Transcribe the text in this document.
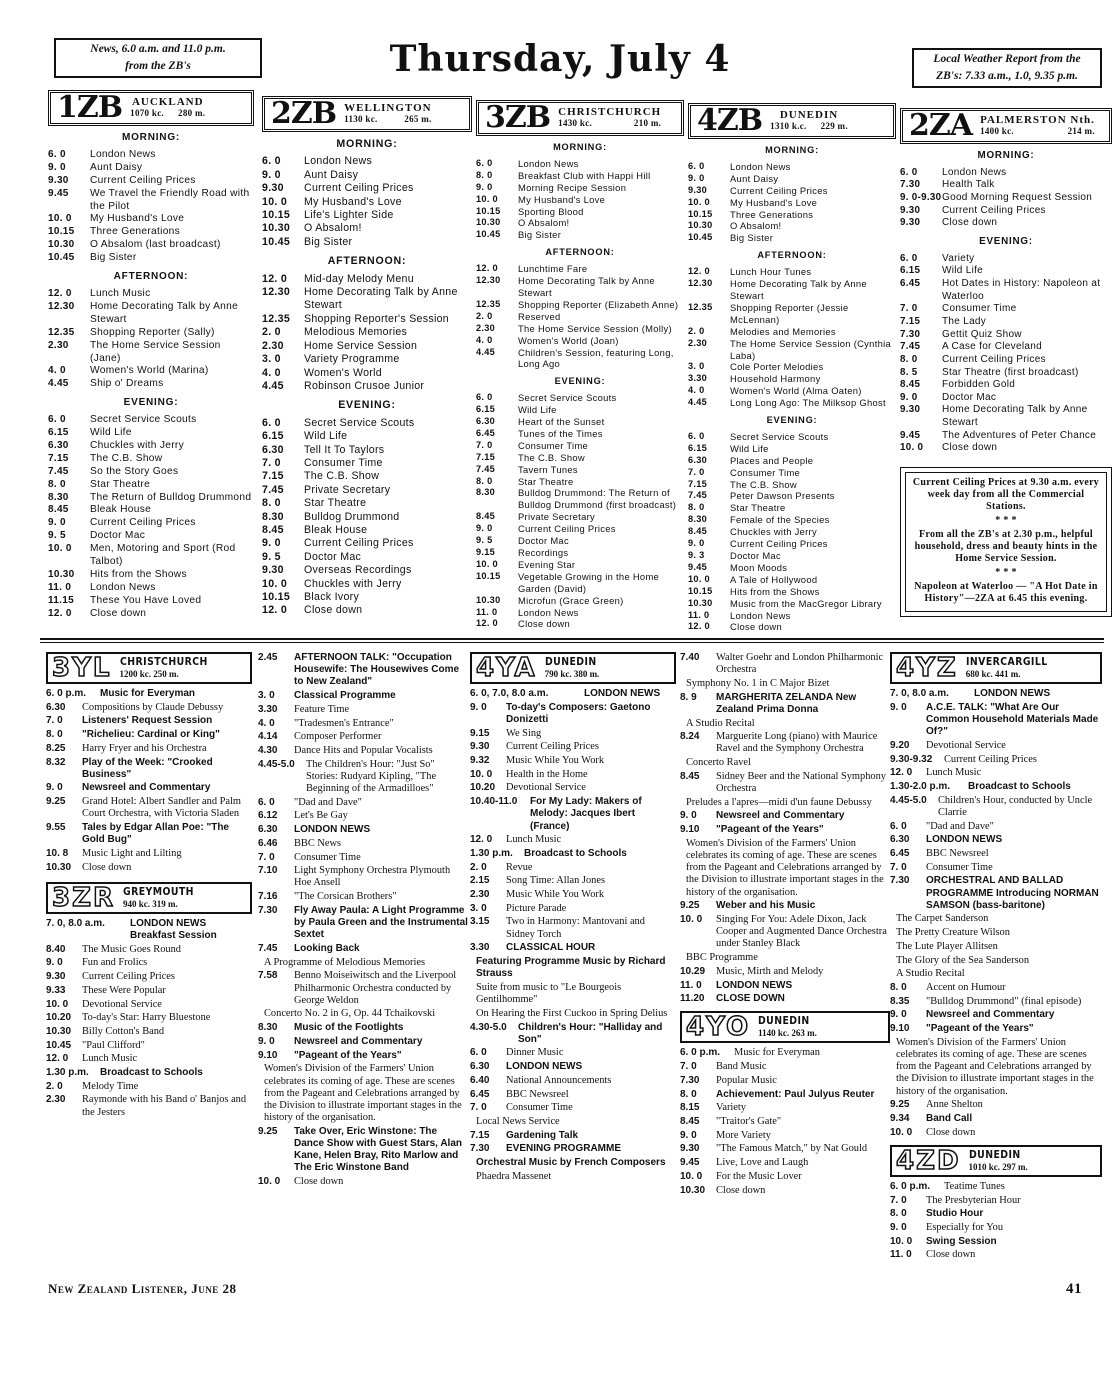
News, 6.0 a.m. and 11.0 p.m.
from the ZB's	Thursday, July 4	Local Weather Report from the
ZB's: 7.33 a.m., 1.0, 9.35 p.m.
1ZB AUCKLAND
1070 kc. 280 m.
MORNING:
6. 0	London News
9. 0	Aunt Daisy
9.30	Current Ceiling Prices
9.45	We Travel the Friendly Road with the Pilot
10. 0	My Husband's Love
10.15	Three Generations
10.30	O Absalom (last broadcast)
10.45	Big Sister
AFTERNOON:
12. 0	Lunch Music
12.30	Home Decorating Talk by Anne Stewart
12.35	Shopping Reporter (Sally)
2.30	The Home Service Session (Jane)
4. 0	Women's World (Marina)
4.45	Ship o' Dreams
EVENING:
6. 0	Secret Service Scouts
6.15	Wild Life
6.30	Chuckles with Jerry
7.15	The C.B. Show
7.45	So the Story Goes
8. 0	Star Theatre
8.30	The Return of Bulldog Drummond
8.45	Bleak House
9. 0	Current Ceiling Prices
9. 5	Doctor Mac
10. 0	Men, Motoring and Sport (Rod Talbot)
10.30	Hits from the Shows
11. 0	London News
11.15	These You Have Loved
12. 0	Close down
2ZB WELLINGTON
1130 kc.	265 m.
MORNING:
6. 0	London News
9. 0	Aunt Daisy
9.30	Current Ceiling Prices
10. 0	My Husband's Love
10.15	Life's Lighter Side
10.30	O Absalom!
10.45	Big Sister
AFTERNOON:
12. 0	Mid-day Melody Menu
12.30	Home Decorating Talk by Anne Stewart
12.35	Shopping Reporter's Session
2. 0	Melodious Memories
2.30	Home Service Session
3. 0	Variety Programme
4. 0	Women's World
4.45	Robinson Crusoe Junior
EVENING:
6. 0	Secret Service Scouts
6.15	Wild Life
6.30	Tell It To Taylors
7. 0	Consumer Time
7.15	The C.B. Show
7.45	Private Secretary
8. 0	Star Theatre
8.30	Bulldog Drummond
8.45	Bleak House
9. 0	Current Ceiling Prices
9. 5	Doctor Mac
9.30	Overseas Recordings
10. 0	Chuckles with Jerry
10.15	Black Ivory
12. 0	Close down
3ZB CHRISTCHURCH
1430 kc.	210 m.
MORNING:
6. 0	London News
8. 0	Breakfast Club with Happi Hill
9. 0	Morning Recipe Session
10. 0	My Husband's Love
10.15	Sporting Blood
10.30	O Absalom!
10.45	Big Sister
AFTERNOON:
12. 0	Lunchtime Fare
12.30	Home Decorating Talk by Anne Stewart
12.35	Shopping Reporter (Elizabeth Anne)
2. 0	Reserved
2.30	The Home Service Session (Molly)
4. 0	Women's World (Joan)
4.45	Children's Session, featuring Long, Long Ago
EVENING:
6. 0	Secret Service Scouts
6.15	Wild Life
6.30	Heart of the Sunset
6.45	Tunes of the Times
7. 0	Consumer Time
7.15	The C.B. Show
7.45	Tavern Tunes
8. 0	Star Theatre
8.30	Bulldog Drummond: The Return of Bulldog Drummond (first broadcast)
8.45	Private Secretary
9. 0	Current Ceiling Prices
9. 5	Doctor Mac
9.15	Recordings
10. 0	Evening Star
10.15	Vegetable Growing in the Home Garden (David)
10.30	Microfun (Grace Green)
11. 0	London News
12. 0	Close down
4ZB	DUNEDIN
1310 k.c. 229 m.
MORNING:
6. 0	London News
9. 0	Aunt Daisy
9.30	Current Ceiling Prices
10. 0	My Husband's Love
10.15	Three Generations
10.30	O Absalom!
10.45	Big Sister
AFTERNOON:
12. 0	Lunch Hour Tunes
12.30	Home Decorating Talk by Anne Stewart
12.35	Shopping Reporter (Jessie McLennan)
2. 0	Melodies and Memories
2.30	The Home Service Session (Cynthia Laba)
3. 0	Cole Porter Melodies
3.30	Household Harmony
4. 0	Women's World (Alma Oaten)
4.45	Long Long Ago: The Milksop Ghost
EVENING:
6. 0	Secret Service Scouts
6.15	Wild Life
6.30	Places and People
7. 0	Consumer Time
7.15	The C.B. Show
7.45	Peter Dawson Presents
8. 0	Star Theatre
8.30	Female of the Species
8.45	Chuckles with Jerry
9. 0	Current Ceiling Prices
9. 3	Doctor Mac
9.45	Moon Moods
10. 0	A Tale of Hollywood
10.15	Hits from the Shows
10.30	Music from the MacGregor Library
11. 0	London News
12. 0	Close down
2ZA PALMERSTON Nth.
1400 kc.	214 m.
MORNING:
6. 0	London News
7.30	Health Talk
9. 0-9.30 Good Morning Request Session
9.30	Current Ceiling Prices
9.30	Close down
EVENING:
6. 0	Variety
6.15	Wild Life
6.45	Hot Dates in History: Napoleon at Waterloo
7. 0	Consumer Time
7.15	The Lady
7.30	Gettit Quiz Show
7.45	A Case for Cleveland
8. 0	Current Ceiling Prices
8. 5	Star Theatre (first broadcast)
8.45	Forbidden Gold
9. 0	Doctor Mac
9.30	Home Decorating Talk by Anne Stewart
9.45	The Adventures of Peter Chance
10. 0	Close down
Current Ceiling Prices at 9.30 a.m. every week day from all the Commercial Stations.
* * *
From all the ZB's at 2.30 p.m., helpful household, dress and beauty hints in the Home Service Session.
* * *
Napoleon at Waterloo — "A Hot Date in History"—2ZA at 6.45 this evening.
3YL CHRISTCHURCH
1200 kc. 250 m.
6. 0 p.m.	Music for Everyman
6.30	Compositions by Claude Debussy
7. 0	Listeners' Request Session
8. 0	"Richelieu: Cardinal or King"
8.25	Harry Fryer and his Orchestra
8.32	Play of the Week: "Crooked Business"
9. 0	Newsreel and Commentary
9.25	Grand Hotel: Albert Sandler and Palm Court Orchestra, with Victoria Sladen
9.55	Tales by Edgar Allan Poe: "The Gold Bug"
10. 8	Music Light and Lilting
10.30	Close down
3ZR GREYMOUTH
940 kc. 319 m.
7. 0, 8.0 a.m.	LONDON NEWS Breakfast Session
8.40	The Music Goes Round
9. 0	Fun and Frolics
9.30	Current Ceiling Prices
9.33	These Were Popular
10. 0	Devotional Service
10.20	To-day's Star: Harry Bluestone
10.30	Billy Cotton's Band
10.45	"Paul Clifford"
12. 0	Lunch Music
1.30 p.m.	Broadcast to Schools
2. 0	Melody Time
2.30	Raymonde with his Band o' Banjos and the Jesters
2.45	AFTERNOON TALK: "Occupation Housewife: The Housewives Come to New Zealand"
3. 0	Classical Programme
3.30	Feature Time
4. 0	"Tradesmen's Entrance"
4.14	Composer Performer
4.30	Dance Hits and Popular Vocalists
4.45-5.0	The Children's Hour: "Just So" Stories: Rudyard Kipling, "The Beginning of the Armadilloes"
6. 0	"Dad and Dave"
6.12	Let's Be Gay
6.30	LONDON NEWS
6.46	BBC News
7. 0	Consumer Time
7.10	Light Symphony Orchestra Plymouth Hoe Ansell
7.16	"The Corsican Brothers"
7.30	Fly Away Paula: A Light Programme by Paula Green and the Instrumental Sextet
7.45	Looking Back
A Programme of Melodious Memories
7.58	Benno Moiseiwitsch and the Liverpool Philharmonic Orchestra conducted by George Weldon
Concerto No. 2 in G, Op. 44 Tchaikovski
8.30	Music of the Footlights
9. 0	Newsreel and Commentary
9.10	"Pageant of the Years"
Women's Division of the Farmers' Union celebrates its coming of age. These are scenes from the Pageant and Celebrations arranged by the Division to illustrate important stages in the history of the organisation.
9.25	Take Over, Eric Winstone: The Dance Show with Guest Stars, Alan Kane, Helen Bray, Rito Marlow and The Eric Winstone Band
10. 0	Close down
4YA DUNEDIN
790 kc. 380 m.
6. 0, 7.0, 8.0 a.m.	LONDON NEWS
9. 0	To-day's Composers: Gaetono Donizetti
9.15	We Sing
9.30	Current Ceiling Prices
9.32	Music While You Work
10. 0	Health in the Home
10.20	Devotional Service
10.40-11.0	For My Lady: Makers of Melody: Jacques Ibert (France)
12. 0	Lunch Music
1.30 p.m.	Broadcast to Schools
2. 0	Revue
2.15	Song Time: Allan Jones
2.30	Music While You Work
3. 0	Picture Parade
3.15	Two in Harmony: Mantovani and Sidney Torch
3.30	CLASSICAL HOUR
Featuring Programme Music by Richard Strauss
Suite from music to "Le Bourgeois Gentilhomme"
On Hearing the First Cuckoo in Spring Delius
4.30-5.0	Children's Hour: "Halliday and Son"
6. 0	Dinner Music
6.30	LONDON NEWS
6.40	National Announcements
6.45	BBC Newsreel
7. 0	Consumer Time
Local News Service
7.15	Gardening Talk
7.30	EVENING PROGRAMME
Orchestral Music by French Composers
Phaedra Massenet
7.40	Walter Goehr and London Philharmonic Orchestra
Symphony No. 1 in C Major Bizet
8. 9	MARGHERITA ZELANDA New Zealand Prima Donna
A Studio Recital
8.24	Marguerite Long (piano) with Maurice Ravel and the Symphony Orchestra
Concerto Ravel
8.45	Sidney Beer and the National Symphony Orchestra
Preludes a l'apres—midi d'un faune Debussy
9. 0	Newsreel and Commentary
9.10	"Pageant of the Years"
Women's Division of the Farmers' Union celebrates its coming of age. These are scenes from the Pageant and Celebrations arranged by the Division to illustrate important stages in the history of the organisation.
9.25	Weber and his Music
10. 0	Singing For You: Adele Dixon, Jack Cooper and Augmented Dance Orchestra under Stanley Black
BBC Programme
10.29	Music, Mirth and Melody
11. 0	LONDON NEWS
11.20	CLOSE DOWN
4YO DUNEDIN
1140 kc. 263 m.
6. 0 p.m.	Music for Everyman
7. 0	Band Music
7.30	Popular Music
8. 0	Achievement: Paul Julyus Reuter
8.15	Variety
8.45	"Traitor's Gate"
9. 0	More Variety
9.30	"The Famous Match," by Nat Gould
9.45	Live, Love and Laugh
10. 0	For the Music Lover
10.30	Close down
4YZ INVERCARGILL
680 kc. 441 m.
7. 0, 8.0 a.m.	LONDON NEWS
9. 0	A.C.E. TALK: "What Are Our Common Household Materials Made Of?"
9.20	Devotional Service
9.30-9.32	Current Ceiling Prices
12. 0	Lunch Music
1.30-2.0 p.m.	Broadcast to Schools
4.45-5.0	Children's Hour, conducted by Uncle Clarrie
6. 0	"Dad and Dave"
6.30	LONDON NEWS
6.45	BBC Newsreel
7. 0	Consumer Time
7.30	ORCHESTRAL AND BALLAD PROGRAMME Introducing NORMAN SAMSON (bass-baritone)
The Carpet Sanderson
The Pretty Creature Wilson
The Lute Player Allitsen
The Glory of the Sea Sanderson
A Studio Recital
8. 0	Accent on Humour
8.35	"Bulldog Drummond" (final episode)
9. 0	Newsreel and Commentary
9.10	"Pageant of the Years"
Women's Division of the Farmers' Union celebrates its coming of age. These are scenes from the Pageant and Celebrations arranged by the Division to illustrate important stages in the history of the organisation.
9.25	Anne Shelton
9.34	Band Call
10. 0	Close down
4ZD DUNEDIN
1010 kc. 297 m.
6. 0 p.m.	Teatime Tunes
7. 0	The Presbyterian Hour
8. 0	Studio Hour
9. 0	Especially for You
10. 0	Swing Session
11. 0	Close down
New Zealand Listener, June 28	41
